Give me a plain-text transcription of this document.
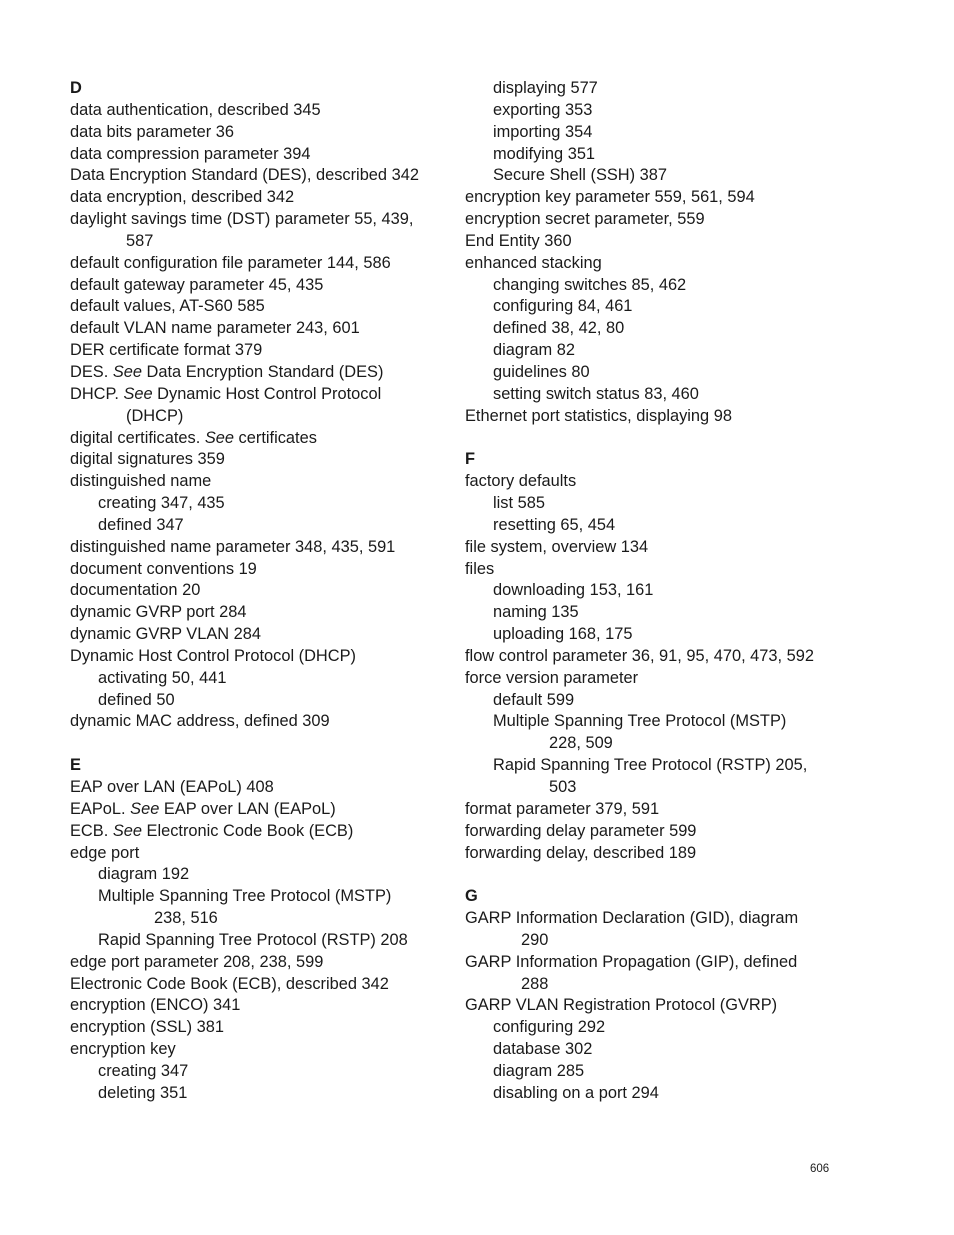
D
data authentication, described 345
data bits parameter 36
data compression parameter 394
Data Encryption Standard (DES), described 342
data encryption, described 342
daylight savings time (DST) parameter 55, 439,
587
default configuration file parameter 144, 586
default gateway parameter 45, 435
default values, AT-S60 585
default VLAN name parameter 243, 601
DER certificate format 379
DES. See Data Encryption Standard (DES)
DHCP. See Dynamic Host Control Protocol
(DHCP)
digital certificates. See certificates
digital signatures 359
distinguished name
creating 347, 435
defined 347
distinguished name parameter 348, 435, 591
document conventions 19
documentation 20
dynamic GVRP port 284
dynamic GVRP VLAN 284
Dynamic Host Control Protocol (DHCP)
activating 50, 441
defined 50
dynamic MAC address, defined 309
E
EAP over LAN (EAPoL) 408
EAPoL. See EAP over LAN (EAPoL)
ECB. See Electronic Code Book (ECB)
edge port
diagram 192
Multiple Spanning Tree Protocol (MSTP)
238, 516
Rapid Spanning Tree Protocol (RSTP) 208
edge port parameter 208, 238, 599
Electronic Code Book (ECB), described 342
encryption (ENCO) 341
encryption (SSL) 381
encryption key
creating 347
deleting 351
displaying 577
exporting 353
importing 354
modifying 351
Secure Shell (SSH) 387
encryption key parameter 559, 561, 594
encryption secret parameter, 559
End Entity 360
enhanced stacking
changing switches 85, 462
configuring 84, 461
defined 38, 42, 80
diagram 82
guidelines 80
setting switch status 83, 460
Ethernet port statistics, displaying 98
F
factory defaults
list 585
resetting 65, 454
file system, overview 134
files
downloading 153, 161
naming 135
uploading 168, 175
flow control parameter 36, 91, 95, 470, 473, 592
force version parameter
default 599
Multiple Spanning Tree Protocol (MSTP)
228, 509
Rapid Spanning Tree Protocol (RSTP) 205,
503
format parameter 379, 591
forwarding delay parameter 599
forwarding delay, described 189
G
GARP Information Declaration (GID), diagram
290
GARP Information Propagation (GIP), defined
288
GARP VLAN Registration Protocol (GVRP)
configuring 292
database 302
diagram 285
disabling on a port 294
606
